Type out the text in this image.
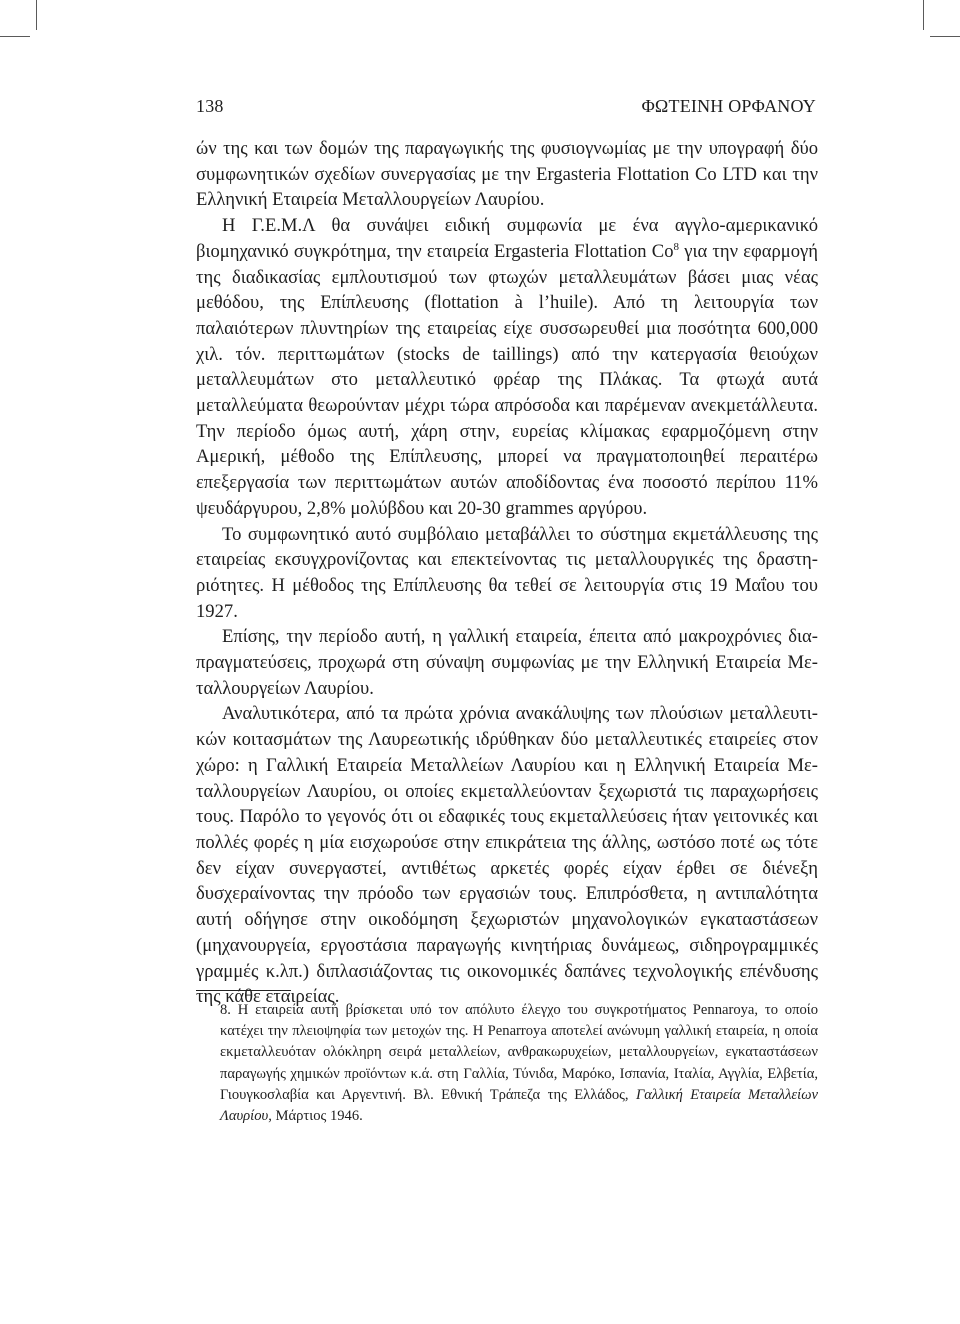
138	ΦΩΤΕΙΝΗ ΟΡΦΑΝΟΥ

ών της και των δομών της παραγωγικής της φυσιογνωμίας με την υπογραφή δύο συμφωνητικών σχεδίων συνεργασίας με την Ergasteria Flottation Co LTD και την Ελληνική Εταιρεία Μεταλλουργείων Λαυρίου.

Η Γ.Ε.Μ.Λ θα συνάψει ειδική συμφωνία με ένα αγγλο-αμερικανικό βιομηχανικό συγκρότημα, την εταιρεία Ergasteria Flottation Co$^8$ για την εφαρμογή της διαδικασίας εμπλουτισμού των φτωχών μεταλλευμάτων βάσει μιας νέας μεθόδου, της Επίπλευσης (flottation à l’huile). Από τη λειτουργία των παλαιότερων πλυντηρίων της εταιρείας είχε συσσωρευθεί μια ποσότητα 600,000 χιλ. τόν. περιττωμάτων (stocks de taillings) από την κατεργασία θειούχων μεταλλευμάτων στο μεταλλευτικό φρέαρ της Πλάκας. Τα φτωχά αυτά μεταλλεύματα θεωρούνταν μέχρι τώρα απρόσοδα και παρέμεναν ανεκμετάλλευτα. Την περίοδο όμως αυτή, χάρη στην, ευρείας κλίμακας εφαρμοζόμενη στην Αμερική, μέθοδο της Επίπλευσης, μπορεί να πραγματοποιηθεί περαιτέρω επεξεργασία των περιττωμάτων αυτών αποδίδοντας ένα ποσοστό περίπου 11% ψευδάργυρου, 2,8% μολύβδου και 20-30 grammes αργύρου.

Το συμφωνητικό αυτό συμβόλαιο μεταβάλλει το σύστημα εκμετάλλευσης της εταιρείας εκσυγχρονίζοντας και επεκτείνοντας τις μεταλλουργικές της δραστηριότητες. Η μέθοδος της Επίπλευσης θα τεθεί σε λειτουργία στις 19 Μαΐου του 1927.

Επίσης, την περίοδο αυτή, η γαλλική εταιρεία, έπειτα από μακροχρόνιες διαπραγματεύσεις, προχωρά στη σύναψη συμφωνίας με την Ελληνική Εταιρεία Μεταλλουργείων Λαυρίου.

Αναλυτικότερα, από τα πρώτα χρόνια ανακάλυψης των πλούσιων μεταλλευτικών κοιτασμάτων της Λαυρεωτικής ιδρύθηκαν δύο μεταλλευτικές εταιρείες στον χώρο: η Γαλλική Εταιρεία Μεταλλείων Λαυρίου και η Ελληνική Εταιρεία Μεταλλουργείων Λαυρίου, οι οποίες εκμεταλλεύονταν ξεχωριστά τις παραχωρήσεις τους. Παρόλο το γεγονός ότι οι εδαφικές τους εκμεταλλεύσεις ήταν γειτονικές και πολλές φορές η μία εισχωρούσε στην επικράτεια της άλλης, ωστόσο ποτέ ως τότε δεν είχαν συνεργαστεί, αντιθέτως αρκετές φορές είχαν έρθει σε διένεξη δυσχεραίνοντας την πρόοδο των εργασιών τους. Επιπρόσθετα, η αντιπαλότητα αυτή οδήγησε στην οικοδόμηση ξεχωριστών μηχανολογικών εγκαταστάσεων (μηχανουργεία, εργοστάσια παραγωγής κινητήριας δυνάμεως, σιδηρογραμμικές γραμμές κ.λπ.) διπλασιάζοντας τις οικονομικές δαπάνες τεχνολογικής επένδυσης της κάθε εταιρείας.

8. Η εταιρεία αυτή βρίσκεται υπό τον απόλυτο έλεγχο του συγκροτήματος Pennaroya, το οποίο κατέχει την πλειοψηφία των μετοχών της. Η Penarroya αποτελεί ανώνυμη γαλλική εταιρεία, η οποία εκμεταλλευόταν ολόκληρη σειρά μεταλλείων, ανθρακωρυχείων, μεταλλουργείων, εγκαταστάσεων παραγωγής χημικών προϊόντων κ.ά. στη Γαλλία, Τύνιδα, Μαρόκο, Ισπανία, Ιταλία, Αγγλία, Ελβετία, Γιουγκοσλαβία και Αργεντινή. Βλ. Εθνική Τράπεζα της Ελλάδος, Γαλλική Εταιρεία Μεταλλείων Λαυρίου, Μάρτιος 1946.
